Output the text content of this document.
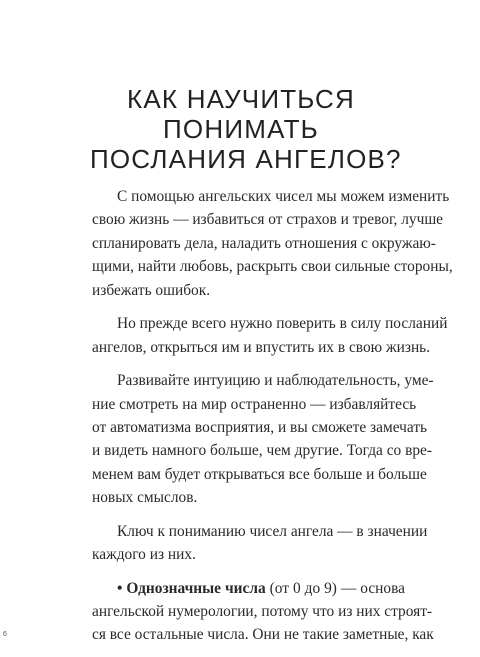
КАК НАУЧИТЬСЯ
ПОНИМАТЬ
ПОСЛАНИЯ АНГЕЛОВ?
С помощью ангельских чисел мы можем изменить
свою жизнь — избавиться от страхов и тревог, лучше
спланировать дела, наладить отношения с окружаю-
щими, найти любовь, раскрыть свои сильные стороны,
избежать ошибок.
Но прежде всего нужно поверить в силу посланий
ангелов, открыться им и впустить их в свою жизнь.
Развивайте интуицию и наблюдательность, уме-
ние смотреть на мир остраненно — избавляйтесь
от автоматизма восприятия, и вы сможете замечать
и видеть намного больше, чем другие. Тогда со вре-
менем вам будет открываться все больше и больше
новых смыслов.
Ключ к пониманию чисел ангела — в значении
каждого из них.
• Однозначные числа (от 0 до 9) — основа
ангельской нумерологии, потому что из них строят-
ся все остальные числа. Они не такие заметные, как
6
